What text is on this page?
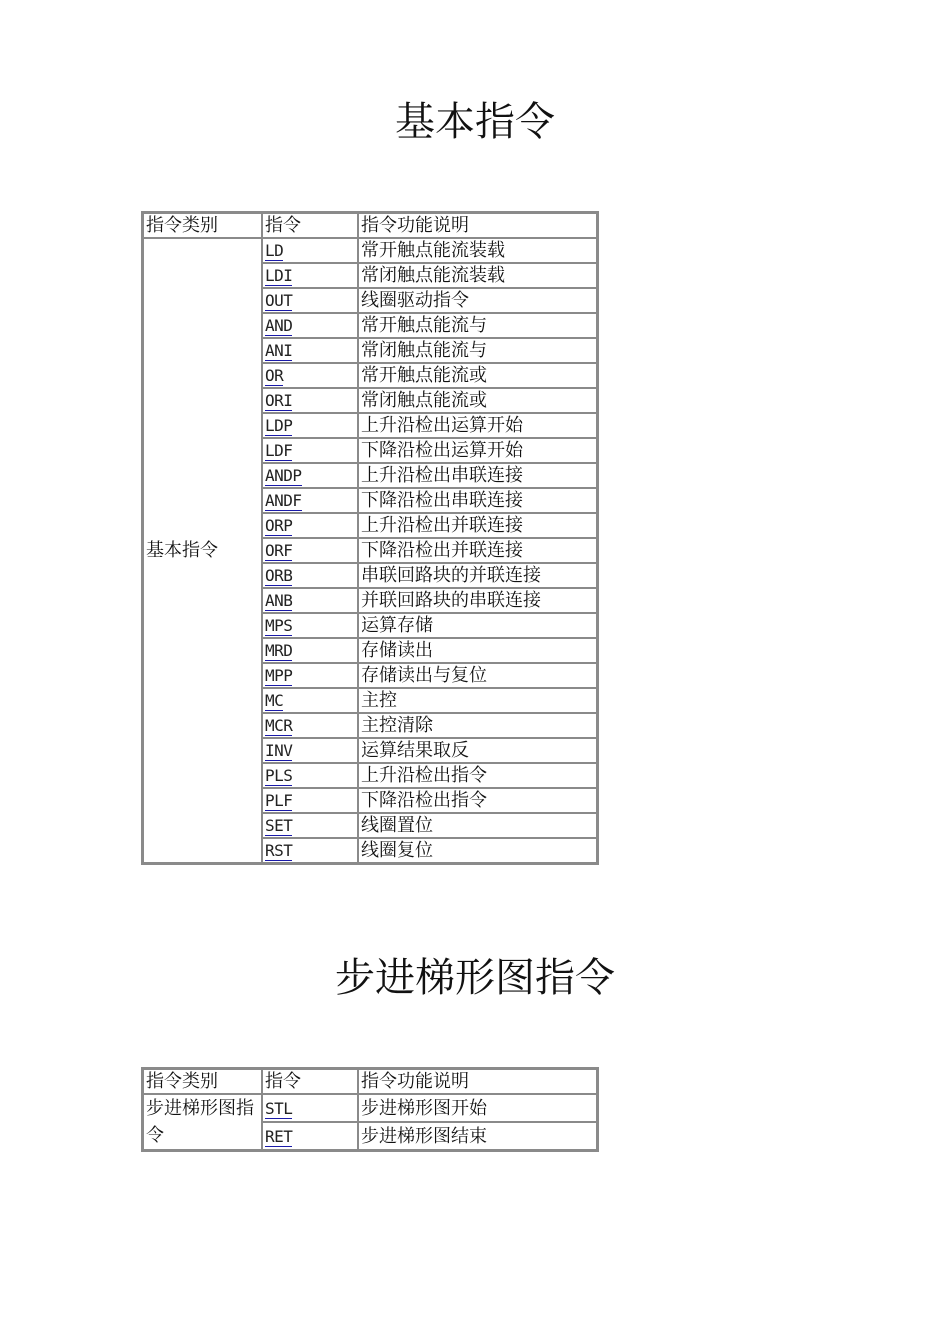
基本指令
指令类别	指令	指令功能说明
基本指令	LD	常开触点能流装载
	LDI	常闭触点能流装载
	OUT	线圈驱动指令
	AND	常开触点能流与
	ANI	常闭触点能流与
	OR	常开触点能流或
	ORI	常闭触点能流或
	LDP	上升沿检出运算开始
	LDF	下降沿检出运算开始
	ANDP	上升沿检出串联连接
	ANDF	下降沿检出串联连接
	ORP	上升沿检出并联连接
	ORF	下降沿检出并联连接
	ORB	串联回路块的并联连接
	ANB	并联回路块的串联连接
	MPS	运算存储
	MRD	存储读出
	MPP	存储读出与复位
	MC	主控
	MCR	主控清除
	INV	运算结果取反
	PLS	上升沿检出指令
	PLF	下降沿检出指令
	SET	线圈置位
	RST	线圈复位
步进梯形图指令
指令类别	指令	指令功能说明
步进梯形图指令	STL	步进梯形图开始
	RET	步进梯形图结束
